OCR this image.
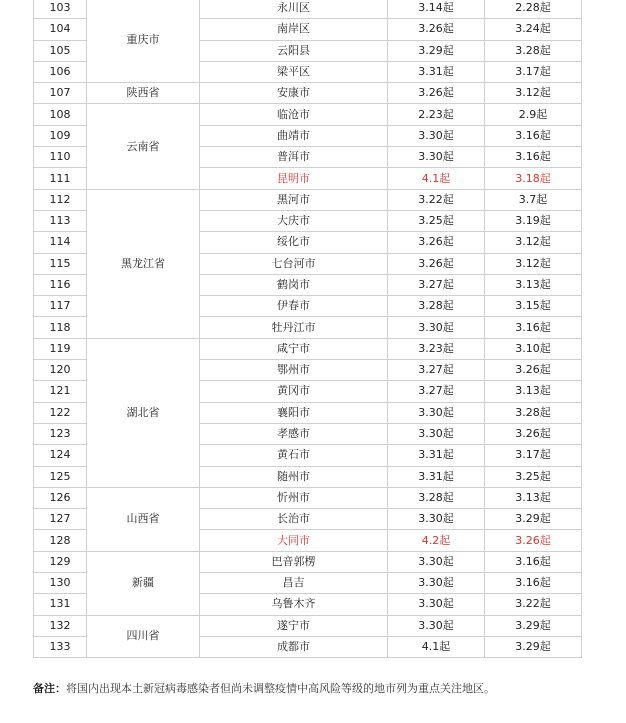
103	重庆市	永川区	3.14起	2.28起
104		南岸区	3.26起	3.24起
105		云阳县	3.29起	3.28起
106		梁平区	3.31起	3.17起
107	陕西省	安康市	3.26起	3.12起
108	云南省	临沧市	2.23起	2.9起
109		曲靖市	3.30起	3.16起
110		普洱市	3.30起	3.16起
111		昆明市	4.1起	3.18起
112	黑龙江省	黑河市	3.22起	3.7起
113		大庆市	3.25起	3.19起
114		绥化市	3.26起	3.12起
115		七台河市	3.26起	3.12起
116		鹤岗市	3.27起	3.13起
117		伊春市	3.28起	3.15起
118		牡丹江市	3.30起	3.16起
119	湖北省	咸宁市	3.23起	3.10起
120		鄂州市	3.27起	3.26起
121		黄冈市	3.27起	3.13起
122		襄阳市	3.30起	3.28起
123		孝感市	3.30起	3.26起
124		黄石市	3.31起	3.17起
125		随州市	3.31起	3.25起
126	山西省	忻州市	3.28起	3.13起
127		长治市	3.30起	3.29起
128		大同市	4.2起	3.26起
129	新疆	巴音郭楞	3.30起	3.16起
130		昌吉	3.30起	3.16起
131		乌鲁木齐	3.30起	3.22起
132	四川省	遂宁市	3.30起	3.29起
133		成都市	4.1起	3.29起
备注：将国内出现本土新冠病毒感染者但尚未调整疫情中高风险等级的地市列为重点关注地区。
